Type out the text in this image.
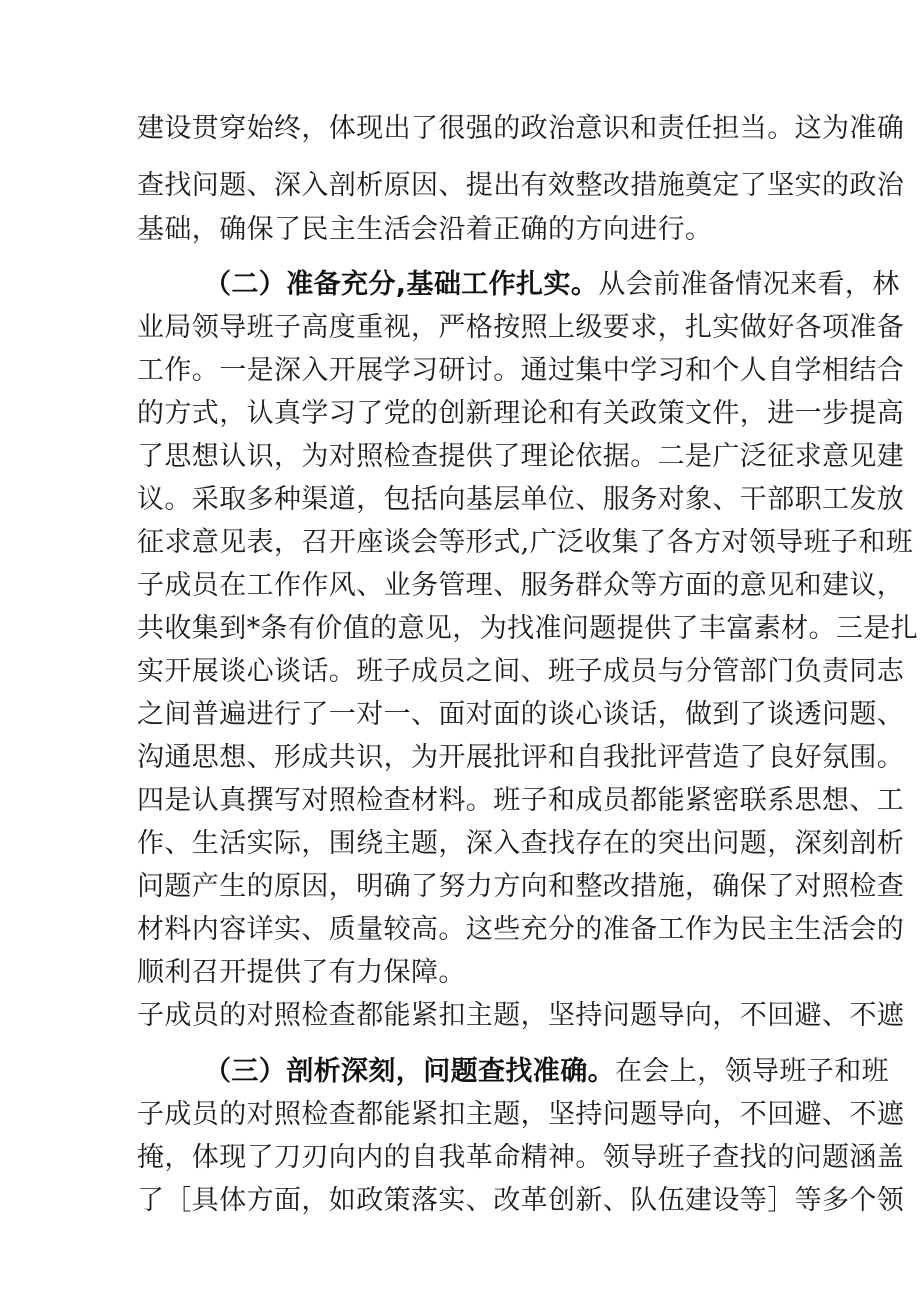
建设贯穿始终，体现出了很强的政治意识和责任担当。这为准确
查找问题、深入剖析原因、提出有效整改措施奠定了坚实的政治
基础，确保了民主生活会沿着正确的方向进行。
（二）准备充分,基础工作扎实。从会前准备情况来看，林
业局领导班子高度重视，严格按照上级要求，扎实做好各项准备
工作。一是深入开展学习研讨。通过集中学习和个人自学相结合
的方式，认真学习了党的创新理论和有关政策文件，进一步提高
了思想认识，为对照检查提供了理论依据。二是广泛征求意见建
议。采取多种渠道，包括向基层单位、服务对象、干部职工发放
征求意见表，召开座谈会等形式,广泛收集了各方对领导班子和班
子成员在工作作风、业务管理、服务群众等方面的意见和建议，
共收集到*条有价值的意见，为找准问题提供了丰富素材。三是扎
实开展谈心谈话。班子成员之间、班子成员与分管部门负责同志
之间普遍进行了一对一、面对面的谈心谈话，做到了谈透问题、
沟通思想、形成共识，为开展批评和自我批评营造了良好氛围。
四是认真撰写对照检查材料。班子和成员都能紧密联系思想、工
作、生活实际，围绕主题，深入查找存在的突出问题，深刻剖析
问题产生的原因，明确了努力方向和整改措施，确保了对照检查
材料内容详实、质量较高。这些充分的准备工作为民主生活会的
顺利召开提供了有力保障。
子成员的对照检查都能紧扣主题，坚持问题导向，不回避、不遮
（三）剖析深刻，问题查找准确。在会上，领导班子和班
子成员的对照检查都能紧扣主题，坚持问题导向，不回避、不遮
掩，体现了刀刃向内的自我革命精神。领导班子查找的问题涵盖
了［具体方面，如政策落实、改革创新、队伍建设等］等多个领
